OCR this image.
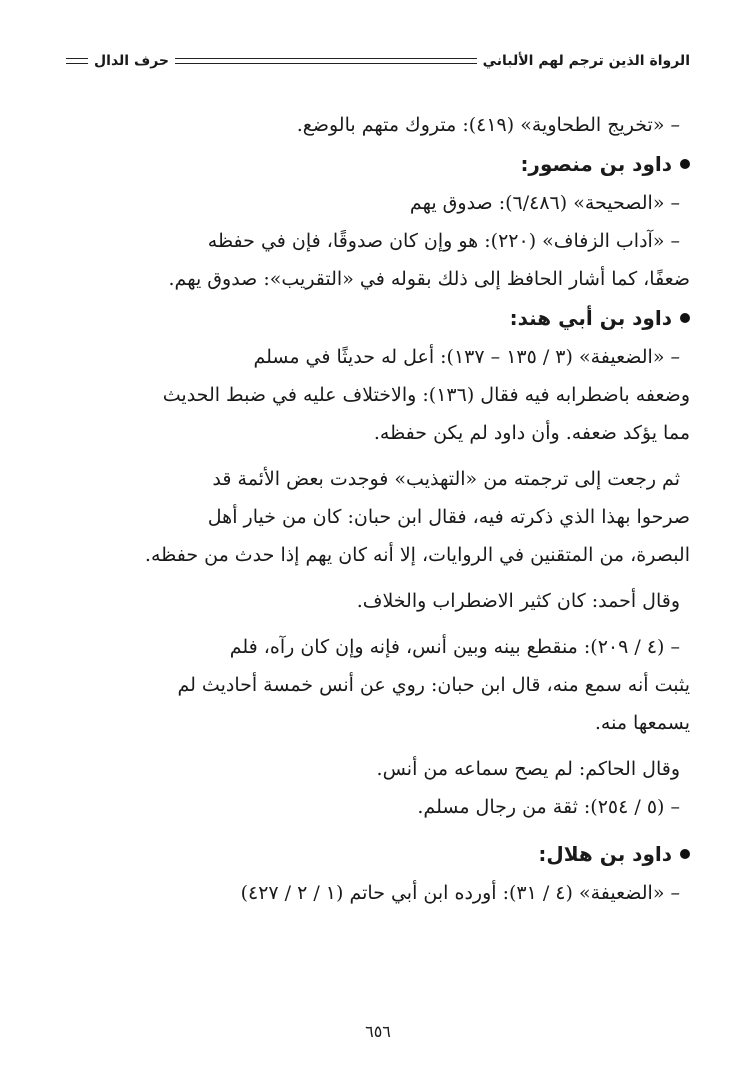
الرواة الذين ترجم لهم الألباني
حرف الدال
– «تخريج الطحاوية» (٤١٩): متروك متهم بالوضع.
داود بن منصور:
– «الصحيحة» (٦/٤٨٦): صدوق يهم
– «آداب الزفاف» (٢٢٠): هو وإن كان صدوقًا، فإن في حفظه
ضعفًا، كما أشار الحافظ إلى ذلك بقوله في «التقريب»: صدوق يهم.
داود بن أبي هند:
– «الضعيفة» (٣ / ١٣٥ – ١٣٧): أعل له حديثًا في مسلم
وضعفه باضطرابه فيه فقال (١٣٦): والاختلاف عليه في ضبط الحديث
مما يؤكد ضعفه. وأن داود لم يكن حفظه.
ثم رجعت إلى ترجمته من «التهذيب» فوجدت بعض الأئمة قد
صرحوا بهذا الذي ذكرته فيه، فقال ابن حبان: كان من خيار أهل
البصرة، من المتقنين في الروايات، إلا أنه كان يهم إذا حدث من حفظه.
وقال أحمد: كان كثير الاضطراب والخلاف.
– (٤ / ٢٠٩): منقطع بينه وبين أنس، فإنه وإن كان رآه، فلم
يثبت أنه سمع منه، قال ابن حبان: روي عن أنس خمسة أحاديث لم
يسمعها منه.
وقال الحاكم: لم يصح سماعه من أنس.
– (٥ / ٢٥٤): ثقة من رجال مسلم.
داود بن هلال:
– «الضعيفة» (٤ / ٣١): أورده ابن أبي حاتم (١ / ٢ / ٤٢٧)
٦٥٦
